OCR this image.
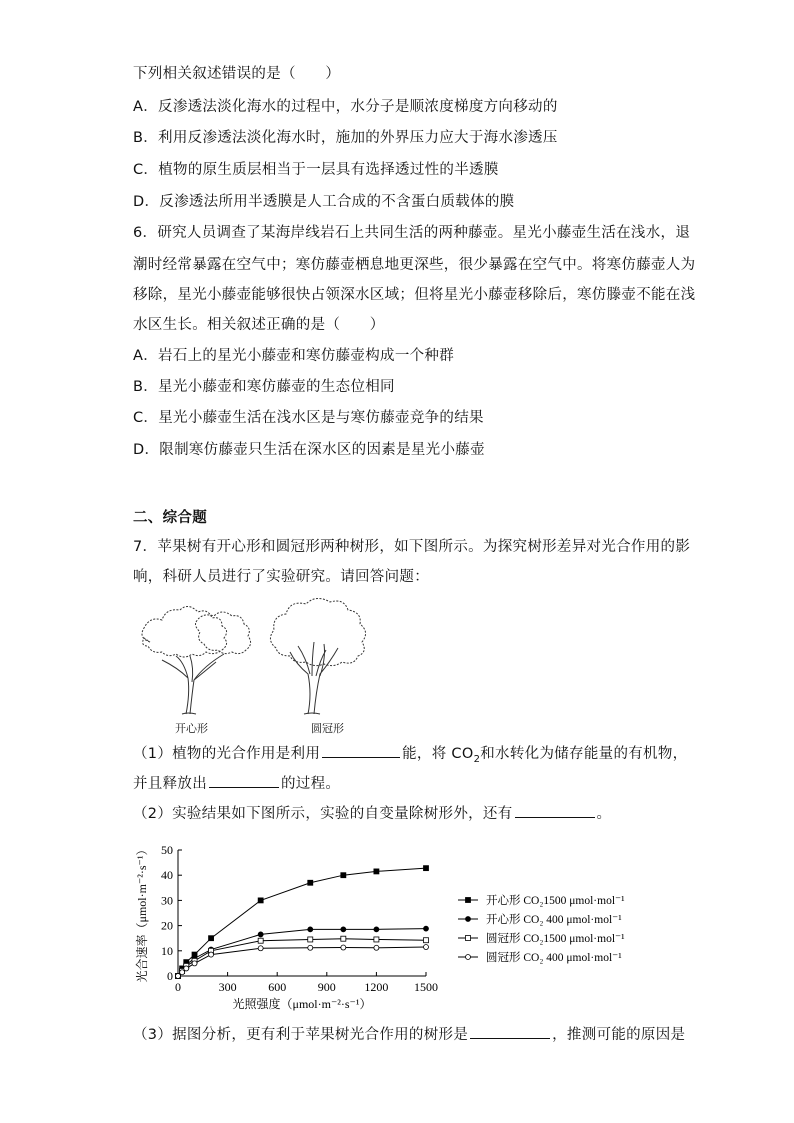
下列相关叙述错误的是（　　）
A．反渗透法淡化海水的过程中，水分子是顺浓度梯度方向移动的
B．利用反渗透法淡化海水时，施加的外界压力应大于海水渗透压
C．植物的原生质层相当于一层具有选择透过性的半透膜
D．反渗透法所用半透膜是人工合成的不含蛋白质载体的膜
6．研究人员调查了某海岸线岩石上共同生活的两种藤壶。星光小藤壶生活在浅水，退
潮时经常暴露在空气中；寒仿藤壶栖息地更深些，很少暴露在空气中。将寒仿藤壶人为
移除，星光小藤壶能够很快占领深水区域；但将星光小藤壶移除后，寒仿滕壶不能在浅
水区生长。相关叙述正确的是（　　）
A．岩石上的星光小藤壶和寒仿藤壶构成一个种群
B．星光小藤壶和寒仿藤壶的生态位相同
C．星光小藤壶生活在浅水区是与寒仿藤壶竞争的结果
D．限制寒仿藤壶只生活在深水区的因素是星光小藤壶
二、综合题
7．苹果树有开心形和圆冠形两种树形，如下图所示。为探究树形差异对光合作用的影
响，科研人员进行了实验研究。请回答问题：
开心形	圆冠形
（1）植物的光合作用是利用	能，将 $CO_2$和水转化为储存能量的有机物，
并且释放出	的过程。
（2）实验结果如下图所示，实验的自变量除树形外，还有	。
0	300	600	900 1200 1500
0
10
20
30
40
50
光照强度（μmol·m⁻²·s⁻¹）
光合速率（μmol·m⁻²·s⁻¹）	开心形 CO₂1500 μmol·mol⁻¹
开心形 CO₂ 400 μmol·mol⁻¹
圆冠形 CO₂1500 μmol·mol⁻¹
圆冠形 CO₂ 400 μmol·mol⁻¹
（3）据图分析，更有利于苹果树光合作用的树形是	，推测可能的原因是
